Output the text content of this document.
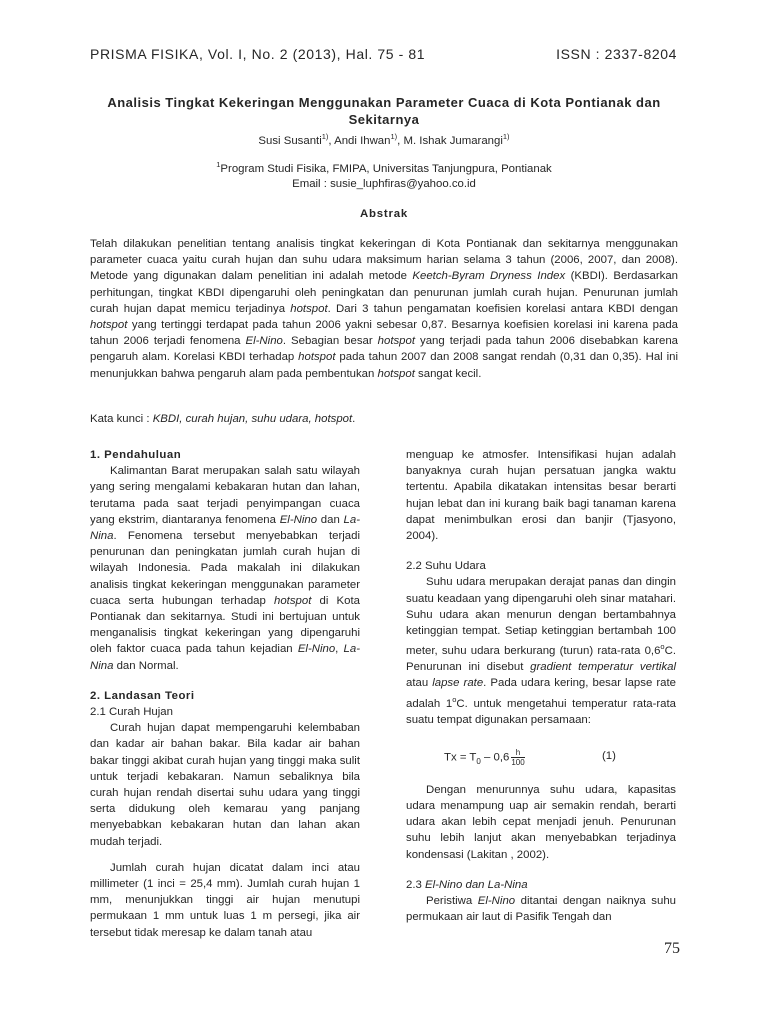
PRISMA FISIKA, Vol. I, No. 2 (2013), Hal. 75 - 81	ISSN : 2337-8204
Analisis Tingkat Kekeringan Menggunakan Parameter Cuaca di Kota Pontianak dan
Sekitarnya
Susi Susanti$^{1)}$, Andi Ihwan$^{1)}$, M. Ishak Jumarangi$^{1)}$
$^1$Program Studi Fisika, FMIPA, Universitas Tanjungpura, Pontianak
Email : susie_luphfiras@yahoo.co.id
Abstrak
Telah dilakukan penelitian tentang analisis tingkat kekeringan di Kota Pontianak dan sekitarnya menggunakan parameter cuaca yaitu curah hujan dan suhu udara maksimum harian selama 3 tahun (2006, 2007, dan 2008). Metode yang digunakan dalam penelitian ini adalah metode Keetch-Byram Dryness Index (KBDI). Berdasarkan perhitungan, tingkat KBDI dipengaruhi oleh peningkatan dan penurunan jumlah curah hujan. Penurunan jumlah curah hujan dapat memicu terjadinya hotspot. Dari 3 tahun pengamatan koefisien korelasi antara KBDI dengan hotspot yang tertinggi terdapat pada tahun 2006 yakni sebesar 0,87. Besarnya koefisien korelasi ini karena pada tahun 2006 terjadi fenomena El-Nino. Sebagian besar hotspot yang terjadi pada tahun 2006 disebabkan karena pengaruh alam. Korelasi KBDI terhadap hotspot pada tahun 2007 dan 2008 sangat rendah (0,31 dan 0,35). Hal ini menunjukkan bahwa pengaruh alam pada pembentukan hotspot sangat kecil.
Kata kunci : KBDI, curah hujan, suhu udara, hotspot.

1. Pendahuluan

Kalimantan Barat merupakan salah satu wilayah yang sering mengalami kebakaran hutan dan lahan, terutama pada saat terjadi penyimpangan cuaca yang ekstrim, diantaranya fenomena El-Nino dan La-Nina. Fenomena tersebut menyebabkan terjadi penurunan dan peningkatan jumlah curah hujan di wilayah Indonesia. Pada makalah ini dilakukan analisis tingkat kekeringan menggunakan parameter cuaca serta hubungan terhadap hotspot di Kota Pontianak dan sekitarnya. Studi ini bertujuan untuk menganalisis tingkat kekeringan yang dipengaruhi oleh faktor cuaca pada tahun kejadian El-Nino, La-Nina dan Normal.

2. Landasan Teori

2.1 Curah Hujan

Curah hujan dapat mempengaruhi kelembaban dan kadar air bahan bakar. Bila kadar air bahan bakar tinggi akibat curah hujan yang tinggi maka sulit untuk terjadi kebakaran. Namun sebaliknya bila curah hujan rendah disertai suhu udara yang tinggi serta didukung oleh kemarau yang panjang menyebabkan kebakaran hutan dan lahan akan mudah terjadi.

Jumlah curah hujan dicatat dalam inci atau millimeter (1 inci = 25,4 mm). Jumlah curah hujan 1 mm, menunjukkan tinggi air hujan menutupi permukaan 1 mm untuk luas 1 m persegi, jika air tersebut tidak meresap ke dalam tanah atau

menguap ke atmosfer. Intensifikasi hujan adalah banyaknya curah hujan persatuan jangka waktu tertentu. Apabila dikatakan intensitas besar berarti hujan lebat dan ini kurang baik bagi tanaman karena dapat menimbulkan erosi dan banjir (Tjasyono, 2004).

2.2 Suhu Udara

Suhu udara merupakan derajat panas dan dingin suatu keadaan yang dipengaruhi oleh sinar matahari. Suhu udara akan menurun dengan bertambahnya ketinggian tempat. Setiap ketinggian bertambah 100 meter, suhu udara berkurang (turun) rata-rata 0,6$^o$C. Penurunan ini disebut gradient temperatur vertikal atau lapse rate. Pada udara kering, besar lapse rate adalah 1$^o$C. untuk mengetahui temperatur rata-rata suatu tempat digunakan persamaan:

$Tx = T_0 - 0,6 \frac{h}{100}$	(1)

Dengan menurunnya suhu udara, kapasitas udara menampung uap air semakin rendah, berarti udara akan lebih cepat menjadi jenuh. Penurunan suhu lebih lanjut akan menyebabkan terjadinya kondensasi (Lakitan , 2002).

2.3 El-Nino dan La-Nina

Peristiwa El-Nino ditantai dengan naiknya suhu permukaan air laut di Pasifik Tengah dan

75
